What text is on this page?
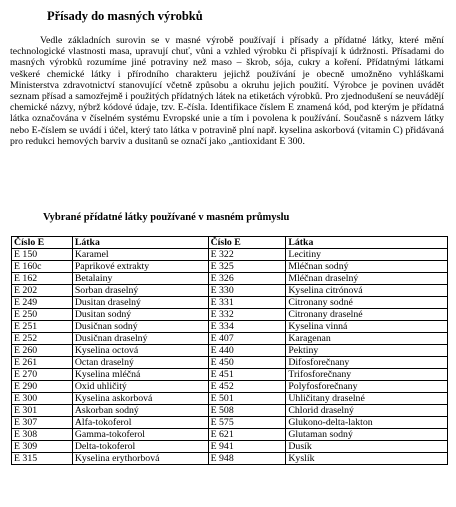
Přísady do masných výrobků

Vedle základních surovin se v masné výrobě používají i přísady a přídatné látky, které mění technologické vlastnosti masa, upravují chuť, vůni a vzhled výrobku či přispívají k údržnosti. Přísadami do masných výrobků rozumíme jiné potraviny než maso – škrob, sója, cukry a koření. Přídatnými látkami veškeré chemické látky i přírodního charakteru jejichž používání je obecně umožněno vyhláškami Ministerstva zdravotnictví stanovující včetně způsobu a okruhu jejich použití. Výrobce je povinen uvádět seznam přísad a samozřejmě i použitých přídatných látek na etiketách výrobků. Pro zjednodušení se neuvádějí chemické názvy, nýbrž kódové údaje, tzv. E-čísla. Identifikace číslem E znamená kód, pod kterým je přídatná látka označována v číselném systému Evropské unie a tím i povolena k používání. Současně s názvem látky nebo E-číslem se uvádí i účel, který tato látka v potravině plní např. kyselina askorbová (vitamin C) přidávaná pro redukci hemových barviv a dusitanů se označí jako „antioxidant E 300.

Vybrané přídatné látky používané v masném průmyslu
Číslo E	Látka	Číslo E	Látka
E 150	Karamel	E 322	Lecitiny
E 160c	Paprikové extrakty	E 325	Mléčnan sodný
E 162	Betalainy	E 326	Mléčnan draselný
E 202	Sorban draselný	E 330	Kyselina citrónová
E 249	Dusitan draselný	E 331	Citronany sodné
E 250	Dusitan sodný	E 332	Citronany draselné
E 251	Dusičnan sodný	E 334	Kyselina vinná
E 252	Dusičnan draselný	E 407	Karagenan
E 260	Kyselina octová	E 440	Pektiny
E 261	Octan draselný	E 450	Difosforečnany
E 270	Kyselina mléčná	E 451	Trifosforečnany
E 290	Oxid uhličitý	E 452	Polyfosforečnany
E 300	Kyselina askorbová	E 501	Uhličitany draselné
E 301	Askorban sodný	E 508	Chlorid draselný
E 307	Alfa-tokoferol	E 575	Glukono-delta-lakton
E 308	Gamma-tokoferol	E 621	Glutaman sodný
E 309	Delta-tokoferol	E 941	Dusík
E 315	Kyselina erythorbová	E 948	Kyslík
